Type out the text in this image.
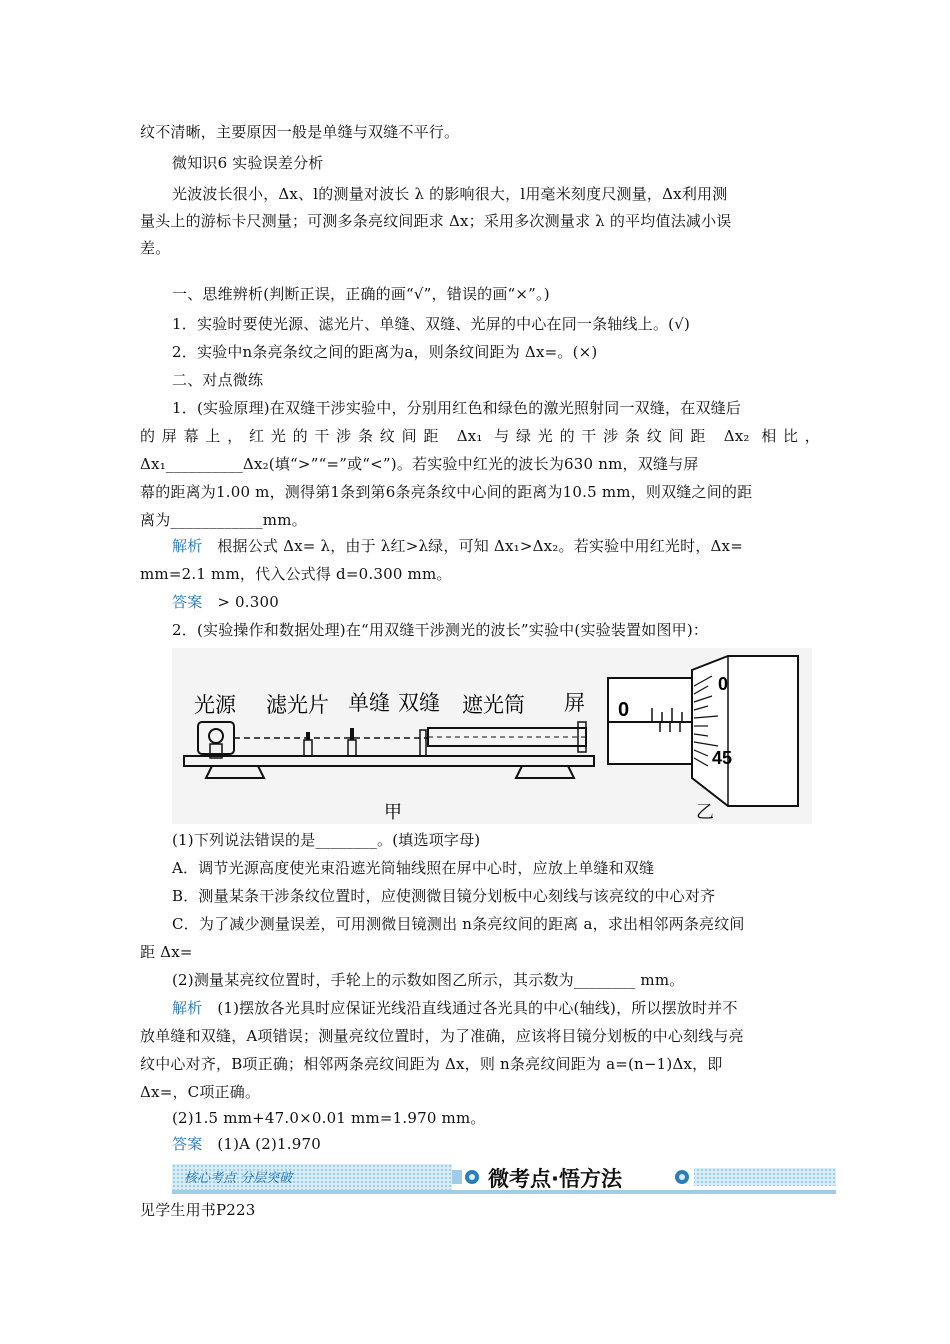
纹不清晰，主要原因一般是单缝与双缝不平行。
微知识6 实验误差分析
光波波长很小，Δx、l的测量对波长 λ 的影响很大，l用毫米刻度尺测量，Δx利用测
量头上的游标卡尺测量；可测多条亮纹间距求 Δx；采用多次测量求 λ 的平均值法减小误
差。
一、思维辨析(判断正误，正确的画“√”，错误的画“×”。)
1．实验时要使光源、滤光片、单缝、双缝、光屏的中心在同一条轴线上。(√)
2．实验中n条亮条纹之间的距离为a，则条纹间距为 Δx=。(×)
二、对点微练
1．(实验原理)在双缝干涉实验中，分别用红色和绿色的激光照射同一双缝，在双缝后
的屏幕上，红光的干涉条纹间距 Δx₁ 与绿光的干涉条纹间距 Δx₂ 相比，
Δx₁__________Δx₂(填“>”“=”或“<”)。若实验中红光的波长为630 nm，双缝与屏
幕的距离为1.00 m，测得第1条到第6条亮条纹中心间的距离为10.5 mm，则双缝之间的距
离为____________mm。
解析 根据公式 Δx= λ，由于 λ红>λ绿，可知 Δx₁>Δx₂。若实验中用红光时，Δx=
mm=2.1 mm，代入公式得 d=0.300 mm。
答案 > 0.300
2．(实验操作和数据处理)在“用双缝干涉测光的波长”实验中(实验装置如图甲)：
光源 滤光片 单缝 双缝 遮光筒 屏
甲
0
0
45
乙
(1)下列说法错误的是________。(填选项字母)
A．调节光源高度使光束沿遮光筒轴线照在屏中心时，应放上单缝和双缝
B．测量某条干涉条纹位置时，应使测微目镜分划板中心刻线与该亮纹的中心对齐
C．为了减少测量误差，可用测微目镜测出 n条亮纹间的距离 a，求出相邻两条亮纹间
距 Δx=
(2)测量某亮纹位置时，手轮上的示数如图乙所示，其示数为________ mm。
解析 (1)摆放各光具时应保证光线沿直线通过各光具的中心(轴线)，所以摆放时并不
放单缝和双缝，A项错误；测量亮纹位置时，为了准确，应该将目镜分划板的中心刻线与亮
纹中心对齐，B项正确；相邻两条亮纹间距为 Δx，则 n条亮纹间距为 a=(n−1)Δx，即
Δx=，C项正确。
(2)1.5 mm+47.0×0.01 mm=1.970 mm。
答案 (1)A (2)1.970
核心考点 分层突破	微考点·悟方法
见学生用书P223
